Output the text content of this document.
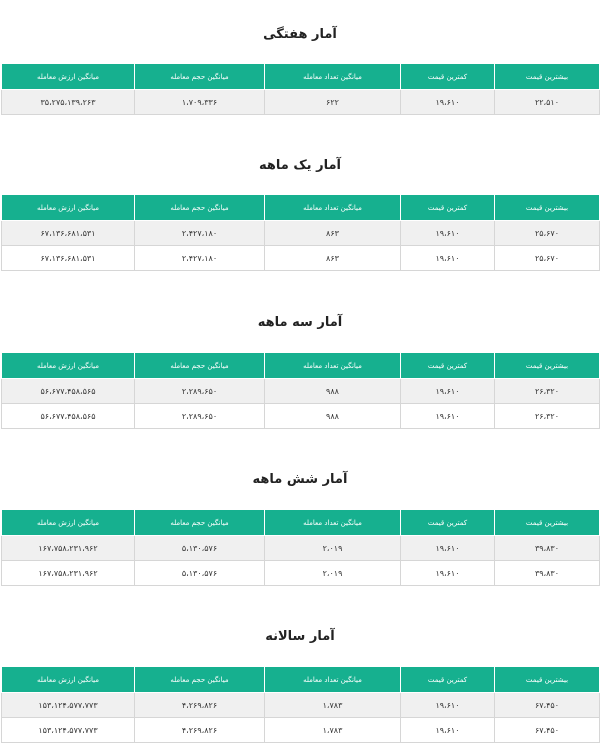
آمار هفتگی
بیشترین قیمت	کمترین قیمت	میانگین تعداد معامله	میانگین حجم معامله	میانگین ارزش معامله
۲۲،۵۱۰	۱۹،۶۱۰	۶۲۲	۱،۷۰۹،۳۳۶	۳۵،۲۷۵،۱۳۹،۲۶۳
آمار یک ماهه
بیشترین قیمت	کمترین قیمت	میانگین تعداد معامله	میانگین حجم معامله	میانگین ارزش معامله
۲۵،۶۷۰	۱۹،۶۱۰	۸۶۳	۲،۴۲۷،۱۸۰	۶۷،۱۳۶،۶۸۱،۵۳۱
۲۵،۶۷۰	۱۹،۶۱۰	۸۶۳	۲،۴۲۷،۱۸۰	۶۷،۱۳۶،۶۸۱،۵۳۱
آمار سه ماهه
بیشترین قیمت	کمترین قیمت	میانگین تعداد معامله	میانگین حجم معامله	میانگین ارزش معامله
۲۶،۳۲۰	۱۹،۶۱۰	۹۸۸	۲،۲۸۹،۶۵۰	۵۶،۶۷۷،۴۵۸،۵۶۵
۲۶،۳۲۰	۱۹،۶۱۰	۹۸۸	۲،۲۸۹،۶۵۰	۵۶،۶۷۷،۴۵۸،۵۶۵
آمار شش ماهه
بیشترین قیمت	کمترین قیمت	میانگین تعداد معامله	میانگین حجم معامله	میانگین ارزش معامله
۳۹،۸۳۰	۱۹،۶۱۰	۲،۰۱۹	۵،۱۳۰،۵۷۶	۱۶۷،۷۵۸،۲۳۱،۹۶۲
۳۹،۸۳۰	۱۹،۶۱۰	۲،۰۱۹	۵،۱۳۰،۵۷۶	۱۶۷،۷۵۸،۲۳۱،۹۶۲
آمار سالانه
بیشترین قیمت	کمترین قیمت	میانگین تعداد معامله	میانگین حجم معامله	میانگین ارزش معامله
۶۷،۴۵۰	۱۹،۶۱۰	۱،۷۸۳	۴،۲۶۹،۸۲۶	۱۵۳،۱۲۴،۵۷۷،۷۷۳
۶۷،۴۵۰	۱۹،۶۱۰	۱،۷۸۳	۴،۲۶۹،۸۲۶	۱۵۳،۱۲۴،۵۷۷،۷۷۳
